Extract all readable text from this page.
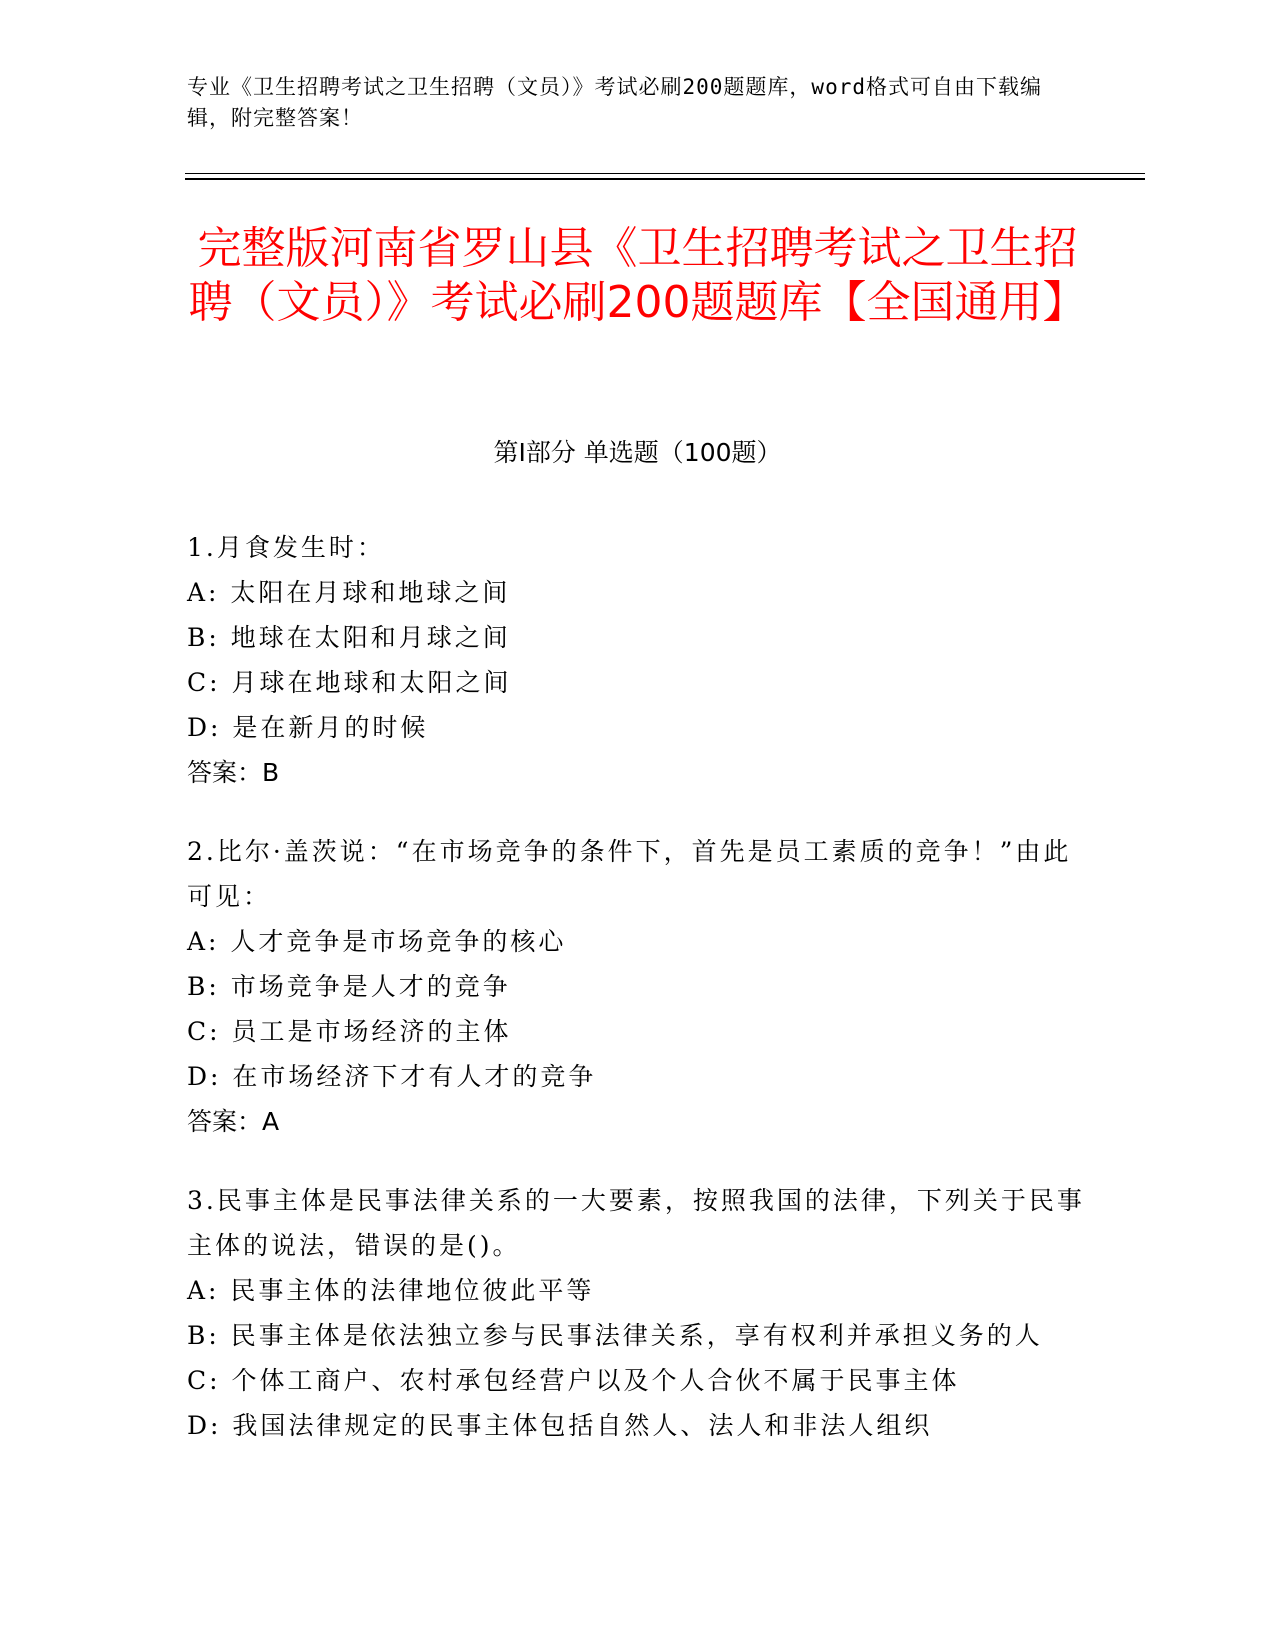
专业《卫生招聘考试之卫生招聘（文员）》考试必刷200题题库，word格式可自由下载编辑，附完整答案！
完整版河南省罗山县《卫生招聘考试之卫生招聘（文员）》考试必刷200题题库【全国通用】
第I部分 单选题（100题）
1.月食发生时：
A: 太阳在月球和地球之间
B: 地球在太阳和月球之间
C: 月球在地球和太阳之间
D: 是在新月的时候
答案：B
2.比尔·盖茨说：“在市场竞争的条件下，首先是员工素质的竞争！”由此可见：
A: 人才竞争是市场竞争的核心
B: 市场竞争是人才的竞争
C: 员工是市场经济的主体
D: 在市场经济下才有人才的竞争
答案：A
3.民事主体是民事法律关系的一大要素，按照我国的法律，下列关于民事主体的说法，错误的是()。
A: 民事主体的法律地位彼此平等
B: 民事主体是依法独立参与民事法律关系，享有权利并承担义务的人
C: 个体工商户、农村承包经营户以及个人合伙不属于民事主体
D: 我国法律规定的民事主体包括自然人、法人和非法人组织
